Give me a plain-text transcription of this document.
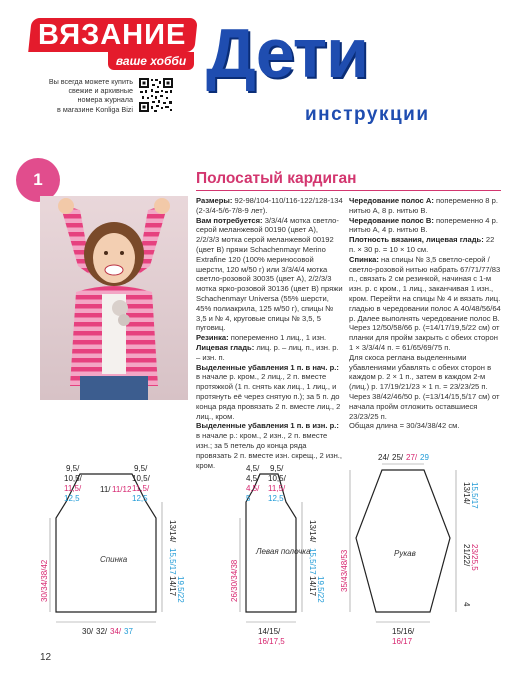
ВЯЗАНИЕ
ваше хобби
Вы всегда можете купить
свежие и архивные
номера журнала
в магазине Konliga Bizi
Дети
инструкции
1	Полосатый кардиган

Размеры: 92-98/104-110/116-122/128-134 (2-3/4-5/6-7/8-9 лет).

Вам потребуется: 3/3/4/4 мотка светло-серой меланжевой 00190 (цвет А), 2/2/3/3 мотка серой меланжевой 00192 (цвет В) пряжи Schachenmayr Merino Extrafine 120 (100% мериносовой шерсти, 120 м/50 г) или 3/3/4/4 мотка светло-розовой 30035 (цвет А), 2/2/3/3 мотка ярко-розовой 30136 (цвет В) пряжи Schachenmayr Universa (55% шерсти, 45% полиакрила, 125 м/50 г), спицы № 3,5 и № 4, круговые спицы № 3,5, 5 пуговиц.

Резинка: попеременно 1 лиц., 1 изн.

Лицевая гладь: лиц. р. – лиц. п., изн. р. – изн. п.

Выделенные убавления 1 п. в нач. р.: в начале р. кром., 2 лиц., 2 п. вместе протяжкой (1 п. снять как лиц., 1 лиц., и протянуть её через снятую п.); за 5 п. до конца ряда провязать 2 п. вместе лиц., 2 лиц., кром.

Выделенные убавления 1 п. в изн. р.: в начале р.: кром., 2 изн., 2 п. вместе изн.; за 5 петель до конца ряда провязать 2 п. вместе изн. скрещ., 2 изн., кром.

Чередование полос А: попеременно 8 р. нитью А, 8 р. нитью В.

Чередование полос В: попеременно 4 р. нитью А, 4 р. нитью В.

Плотность вязания, лицевая гладь: 22 п. × 30 р. = 10 × 10 см.

Спинка: на спицы № 3,5 светло-серой / светло-розовой нитью набрать 67/71/77/83 п., связать 2 см резинкой, начиная с 1-м изн. р. с кром., 1 лиц., заканчивая 1 изн., кром. Перейти на спицы № 4 и вязать лиц. гладью в чередовании полос А 40/48/56/64 р. Далее выполнять чередование полос В.

Через 12/50/58/66 р. (=14/17/19,5/22 см) от планки для пройм закрыть с обеих сторон 1 × 3/3/4/4 п. = 61/65/69/75 п.

Для скоса реглана выделенными убавлениями убавлять с обеих сторон в каждом р. 2 × 1 п., затем в каждом 2-м (лиц.) р. 17/19/21/23 × 1 п. = 23/23/25 п.

Через 38/42/46/50 р. (=13/14/15,5/17 см) от начала пройм отложить оставшиеся 23/23/25 п.

Общая длина = 30/34/38/42 см.

Спинка
9,5/
10,5/
11,5/
12,5
11/ 11/12
9,5/
10,5/
11,5/
12,5
13/14/
15,5/17
14/17 19,5/22
30/34/38/42
30/ 32/ 34/ 37
Левая полочка
4,5/
4,5/
4,5/
5
9,5/
10,5/
11,5/
12,5
13/14/
15,5/17
14/17 19,5/22
26/30/34/38
14/15/
16/17,5
Рукав
24/ 25/ 27/ 29
13/14/ 15,5/17
21/22/ 23/25,5
4
35/43/48/53
15/16/
16/17
12
